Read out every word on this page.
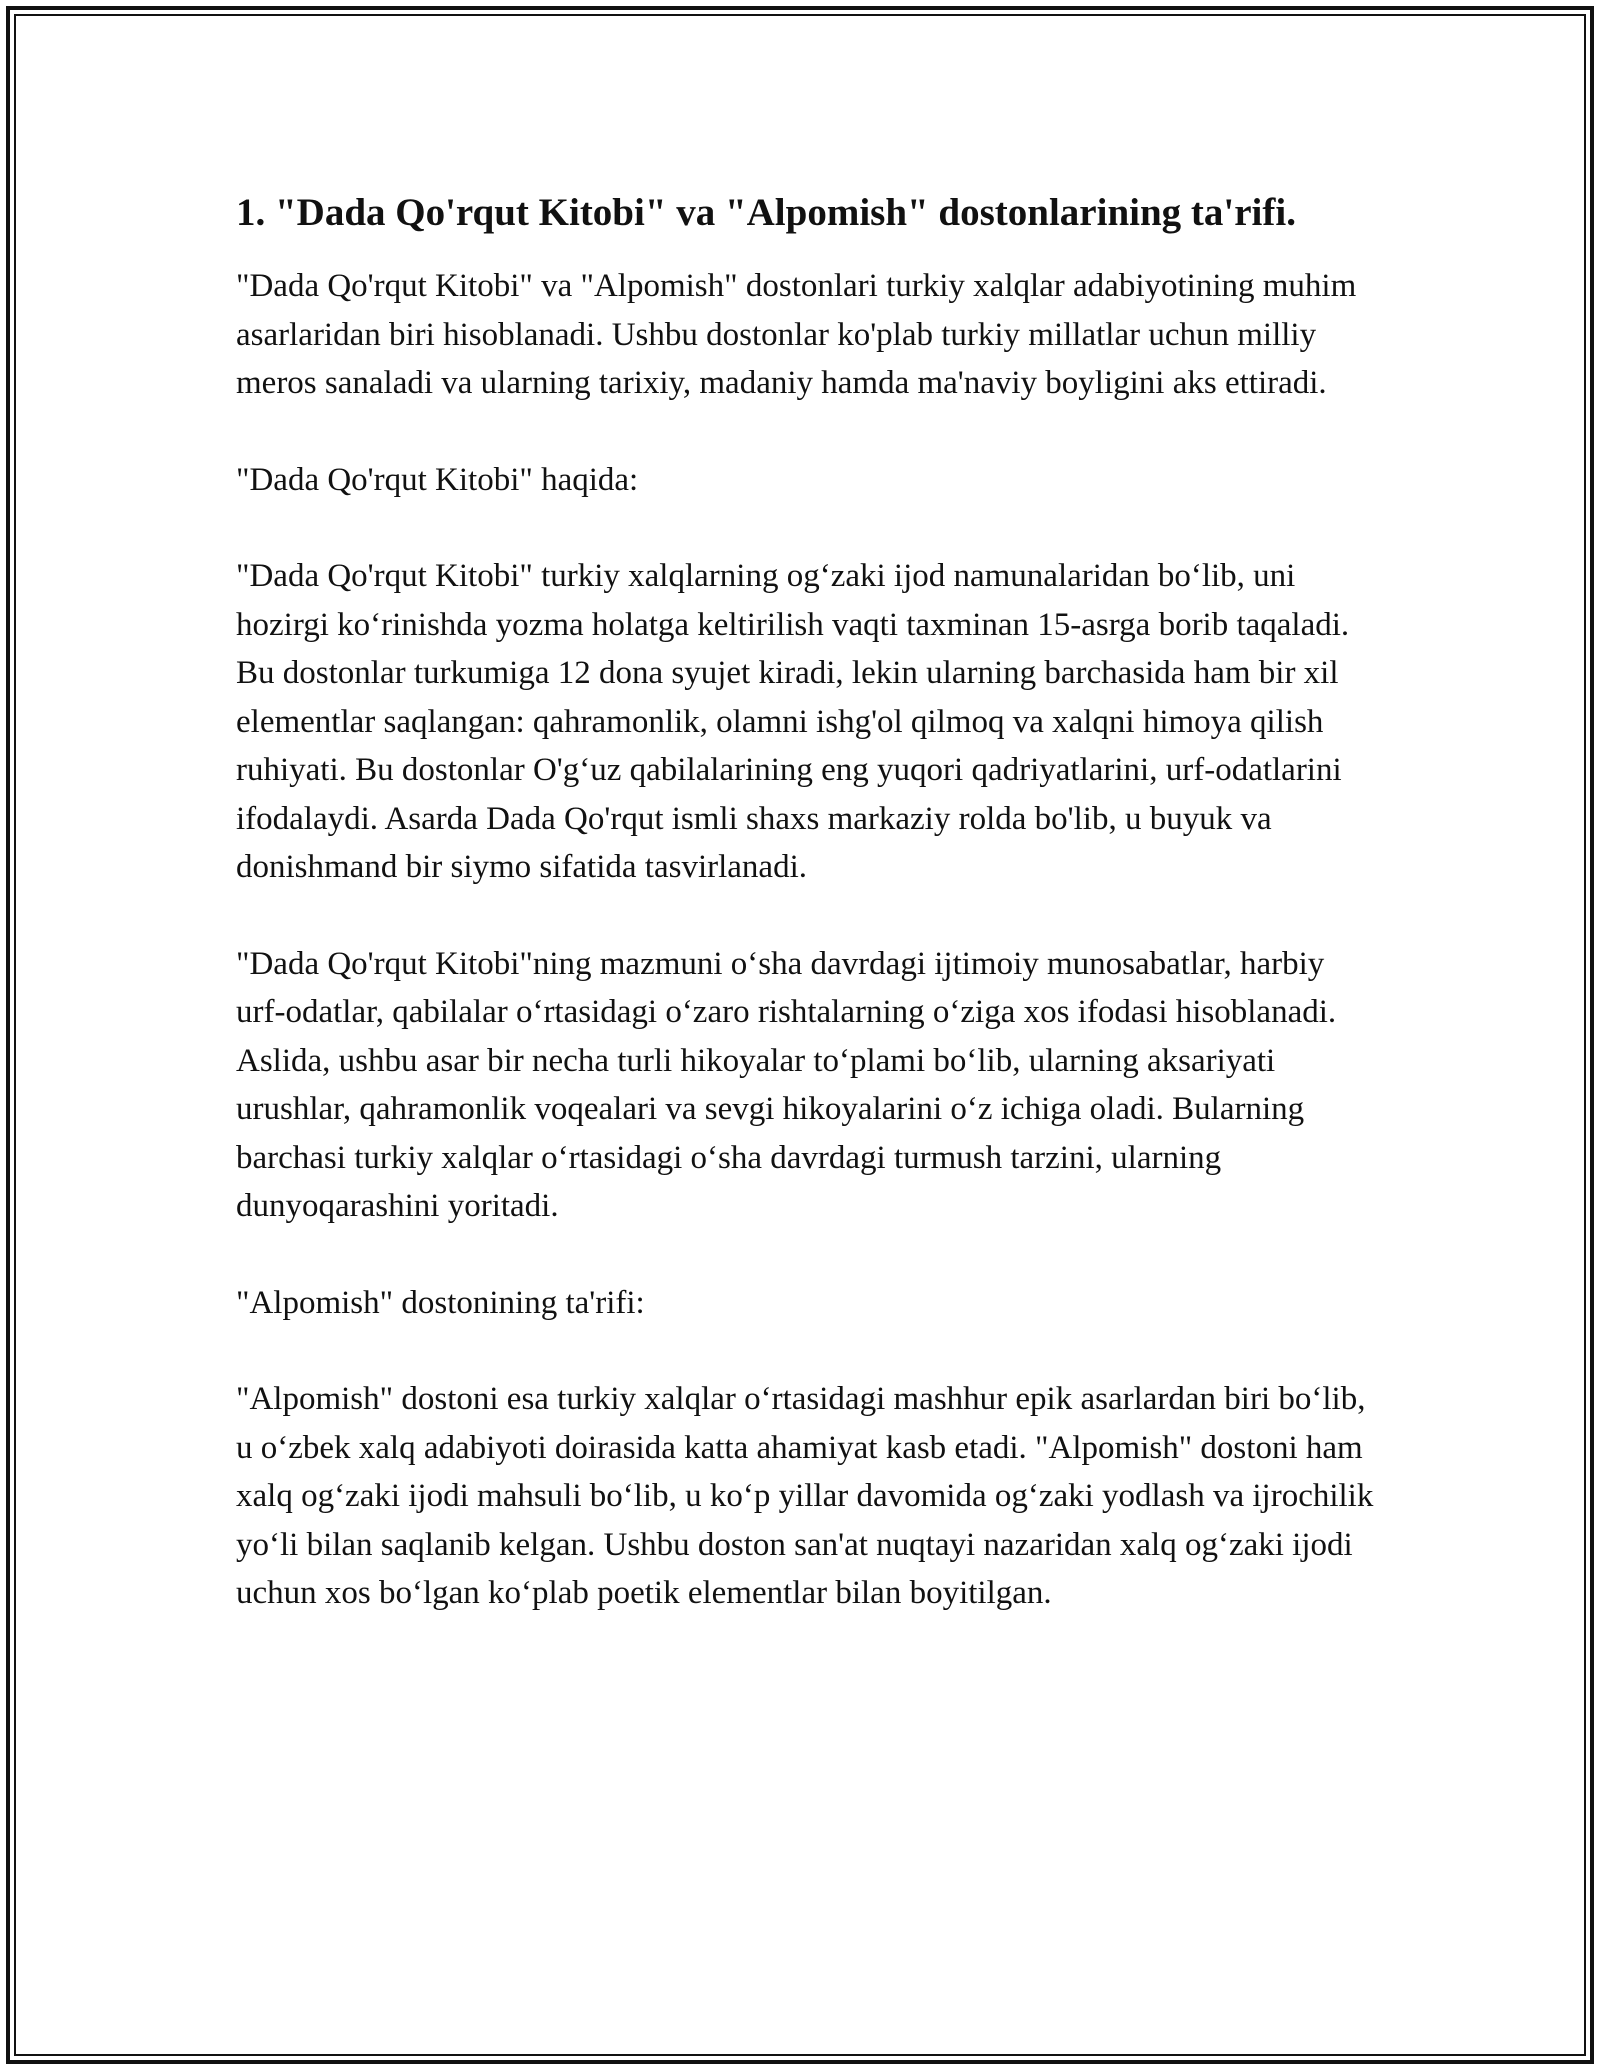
1. "Dada Qo'rqut Kitobi" va "Alpomish" dostonlarining ta'rifi.

"Dada Qo'rqut Kitobi" va "Alpomish" dostonlari turkiy xalqlar adabiyotining muhim asarlaridan biri hisoblanadi. Ushbu dostonlar ko'plab turkiy millatlar uchun milliy meros sanaladi va ularning tarixiy, madaniy hamda ma'naviy boyligini aks ettiradi.

"Dada Qo'rqut Kitobi" haqida:

"Dada Qo'rqut Kitobi" turkiy xalqlarning og‘zaki ijod namunalaridan bo‘lib, uni hozirgi ko‘rinishda yozma holatga keltirilish vaqti taxminan 15-asrga borib taqaladi. Bu dostonlar turkumiga 12 dona syujet kiradi, lekin ularning barchasida ham bir xil elementlar saqlangan: qahramonlik, olamni ishg'ol qilmoq va xalqni himoya qilish ruhiyati. Bu dostonlar O'g‘uz qabilalarining eng yuqori qadriyatlarini, urf-odatlarini ifodalaydi. Asarda Dada Qo'rqut ismli shaxs markaziy rolda bo'lib, u buyuk va donishmand bir siymo sifatida tasvirlanadi.

"Dada Qo'rqut Kitobi"ning mazmuni o‘sha davrdagi ijtimoiy munosabatlar, harbiy urf-odatlar, qabilalar o‘rtasidagi o‘zaro rishtalarning o‘ziga xos ifodasi hisoblanadi. Aslida, ushbu asar bir necha turli hikoyalar to‘plami bo‘lib, ularning aksariyati urushlar, qahramonlik voqealari va sevgi hikoyalarini o‘z ichiga oladi. Bularning barchasi turkiy xalqlar o‘rtasidagi o‘sha davrdagi turmush tarzini, ularning dunyoqarashini yoritadi.

"Alpomish" dostonining ta'rifi:

"Alpomish" dostoni esa turkiy xalqlar o‘rtasidagi mashhur epik asarlardan biri bo‘lib, u o‘zbek xalq adabiyoti doirasida katta ahamiyat kasb etadi. "Alpomish" dostoni ham xalq og‘zaki ijodi mahsuli bo‘lib, u ko‘p yillar davomida og‘zaki yodlash va ijrochilik yo‘li bilan saqlanib kelgan. Ushbu doston san'at nuqtayi nazaridan xalq og‘zaki ijodi uchun xos bo‘lgan ko‘plab poetik elementlar bilan boyitilgan.
